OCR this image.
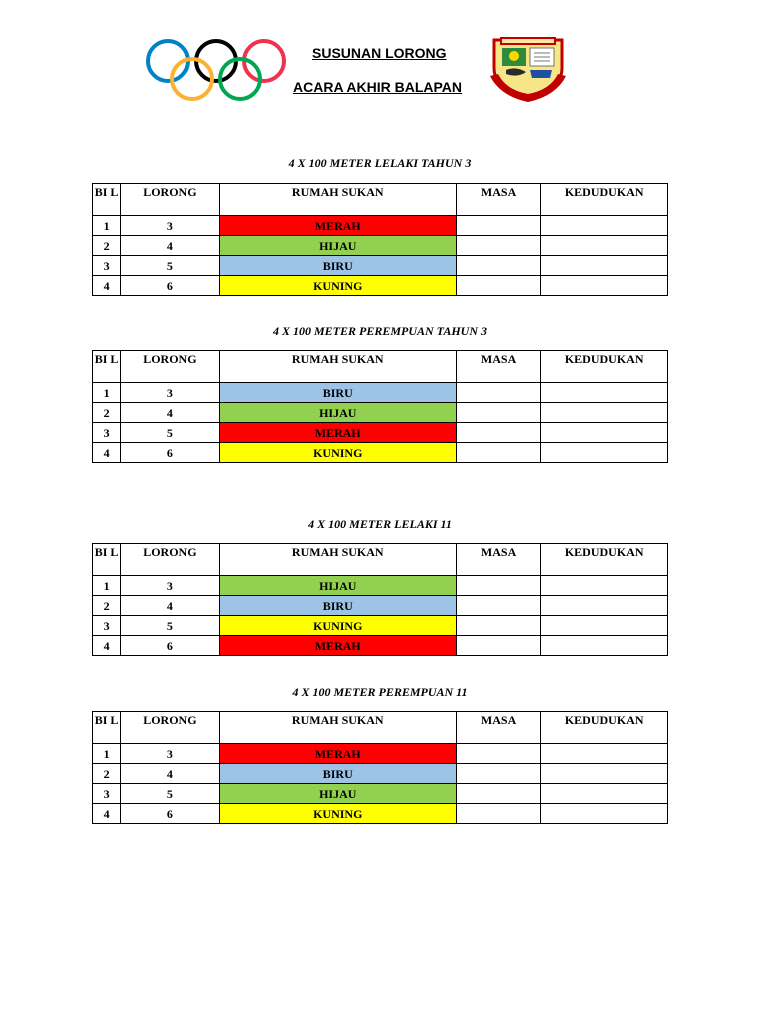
SUSUNAN LORONG
ACARA AKHIR BALAPAN
4 X 100 METER LELAKI TAHUN 3
BI L	LORONG	RUMAH SUKAN	MASA	KEDUDUKAN
1	3	MERAH		
2	4	HIJAU		
3	5	BIRU		
4	6	KUNING		
4 X 100 METER PEREMPUAN TAHUN 3
BI L	LORONG	RUMAH SUKAN	MASA	KEDUDUKAN
1	3	BIRU		
2	4	HIJAU		
3	5	MERAH		
4	6	KUNING		
4 X 100 METER LELAKI 11
BI L	LORONG	RUMAH SUKAN	MASA	KEDUDUKAN
1	3	HIJAU		
2	4	BIRU		
3	5	KUNING		
4	6	MERAH		
4 X 100 METER PEREMPUAN 11
BI L	LORONG	RUMAH SUKAN	MASA	KEDUDUKAN
1	3	MERAH		
2	4	BIRU		
3	5	HIJAU		
4	6	KUNING		
